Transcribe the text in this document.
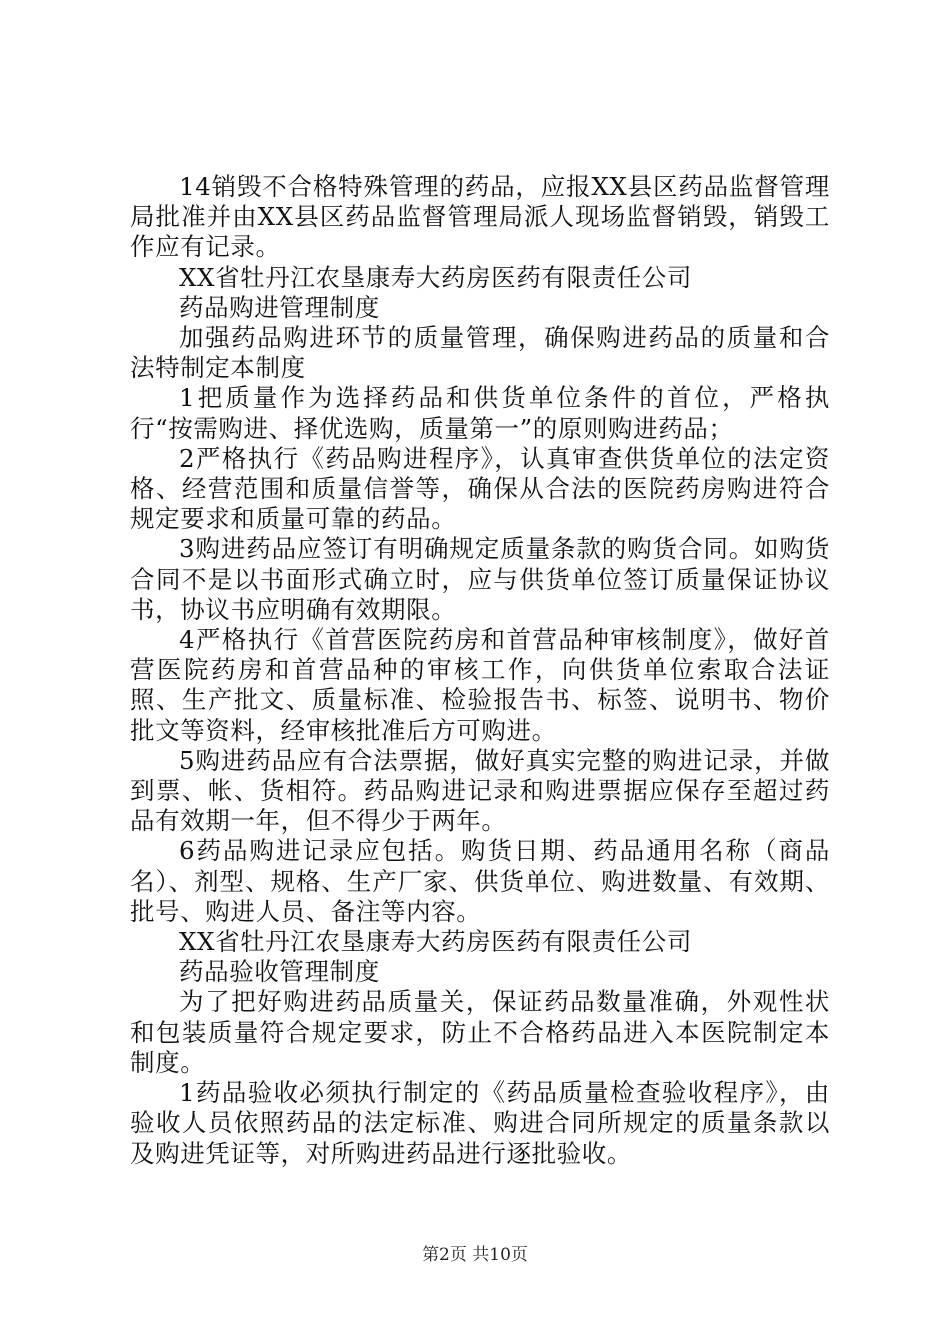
14销毁不合格特殊管理的药品，应报XX县区药品监督管理局批准并由XX县区药品监督管理局派人现场监督销毁，销毁工作应有记录。

XX省牡丹江农垦康寿大药房医药有限责任公司

药品购进管理制度

加强药品购进环节的质量管理，确保购进药品的质量和合法特制定本制度

1把质量作为选择药品和供货单位条件的首位，严格执行“按需购进、择优选购，质量第一”的原则购进药品；

2严格执行《药品购进程序》，认真审查供货单位的法定资格、经营范围和质量信誉等，确保从合法的医院药房购进符合规定要求和质量可靠的药品。

3购进药品应签订有明确规定质量条款的购货合同。如购货合同不是以书面形式确立时，应与供货单位签订质量保证协议书，协议书应明确有效期限。

4严格执行《首营医院药房和首营品种审核制度》，做好首营医院药房和首营品种的审核工作，向供货单位索取合法证照、生产批文、质量标准、检验报告书、标签、说明书、物价批文等资料，经审核批准后方可购进。

5购进药品应有合法票据，做好真实完整的购进记录，并做到票、帐、货相符。药品购进记录和购进票据应保存至超过药品有效期一年，但不得少于两年。

6药品购进记录应包括。购货日期、药品通用名称（商品名）、剂型、规格、生产厂家、供货单位、购进数量、有效期、批号、购进人员、备注等内容。

XX省牡丹江农垦康寿大药房医药有限责任公司

药品验收管理制度

为了把好购进药品质量关，保证药品数量准确，外观性状和包装质量符合规定要求，防止不合格药品进入本医院制定本制度。

1药品验收必须执行制定的《药品质量检查验收程序》，由验收人员依照药品的法定标准、购进合同所规定的质量条款以及购进凭证等，对所购进药品进行逐批验收。

第2页 共10页
